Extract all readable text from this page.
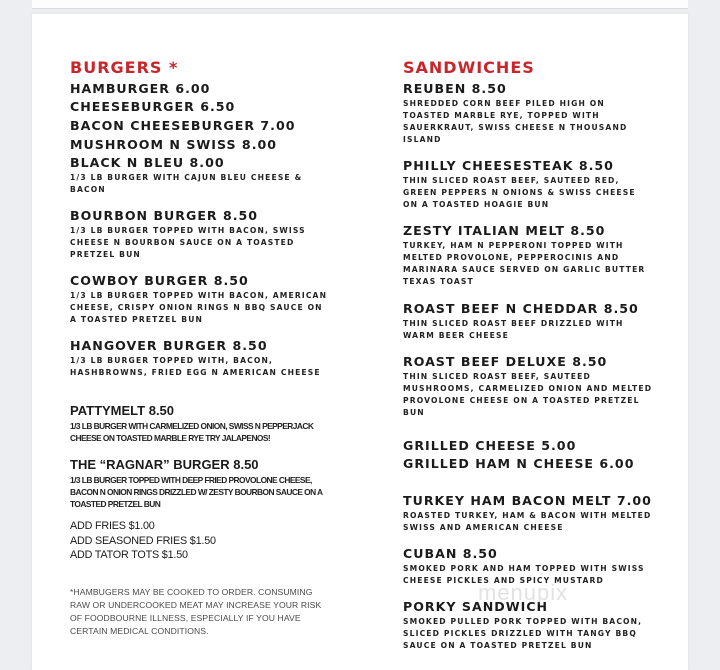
BURGERS *
HAMBURGER 6.00
CHEESEBURGER 6.50
BACON CHEESEBURGER 7.00
MUSHROOM N SWISS 8.00
BLACK N BLEU 8.00
1/3 LB BURGER WITH CAJUN BLEU CHEESE & BACON
BOURBON BURGER 8.50
1/3 LB BURGER TOPPED WITH BACON, SWISS CHEESE N BOURBON SAUCE ON A TOASTED PRETZEL BUN
COWBOY BURGER 8.50
1/3 LB BURGER TOPPED WITH BACON, AMERICAN CHEESE, CRISPY ONION RINGS N BBQ SAUCE ON A TOASTED PRETZEL BUN
HANGOVER BURGER 8.50
1/3 LB BURGER TOPPED WITH, BACON, HASHBROWNS, FRIED EGG N AMERICAN CHEESE
PATTYMELT 8.50
1/3 LB BURGER WITH CARMELIZED ONION, SWISS N PEPPERJACK CHEESE ON TOASTED MARBLE RYE TRY JALAPENOS!
THE “RAGNAR” BURGER 8.50
1/3 LB BURGER TOPPED WITH DEEP FRIED PROVOLONE CHEESE, BACON N ONION RINGS DRIZZLED W/ ZESTY BOURBON SAUCE ON A TOASTED PRETZEL BUN
ADD FRIES $1.00
ADD SEASONED FRIES $1.50
ADD TATOR TOTS $1.50
*HAMBUGERS MAY BE COOKED TO ORDER. CONSUMING RAW OR UNDERCOOKED MEAT MAY INCREASE YOUR RISK OF FOODBOURNE ILLNESS, ESPECIALLY IF YOU HAVE CERTAIN MEDICAL CONDITIONS.
SANDWICHES
REUBEN 8.50
SHREDDED CORN BEEF PILED HIGH ON TOASTED MARBLE RYE, TOPPED WITH SAUERKRAUT, SWISS CHEESE N THOUSAND ISLAND
PHILLY CHEESESTEAK 8.50
THIN SLICED ROAST BEEF, SAUTEED RED, GREEN PEPPERS N ONIONS & SWISS CHEESE ON A TOASTED HOAGIE BUN
ZESTY ITALIAN MELT 8.50
TURKEY, HAM N PEPPERONI TOPPED WITH MELTED PROVOLONE, PEPPEROCINIS AND MARINARA SAUCE SERVED ON GARLIC BUTTER TEXAS TOAST
ROAST BEEF N CHEDDAR 8.50
THIN SLICED ROAST BEEF DRIZZLED WITH WARM BEER CHEESE
ROAST BEEF DELUXE 8.50
THIN SLICED ROAST BEEF, SAUTEED MUSHROOMS, CARMELIZED ONION AND MELTED PROVOLONE CHEESE ON A TOASTED PRETZEL BUN
GRILLED CHEESE 5.00
GRILLED HAM N CHEESE 6.00
TURKEY HAM BACON MELT 7.00
ROASTED TURKEY, HAM & BACON WITH MELTED SWISS AND AMERICAN CHEESE
CUBAN 8.50
SMOKED PORK AND HAM TOPPED WITH SWISS CHEESE PICKLES AND SPICY MUSTARD
PORKY SANDWICH
SMOKED PULLED PORK TOPPED WITH BACON, SLICED PICKLES DRIZZLED WITH TANGY BBQ SAUCE ON A TOASTED PRETZEL BUN
menupix
